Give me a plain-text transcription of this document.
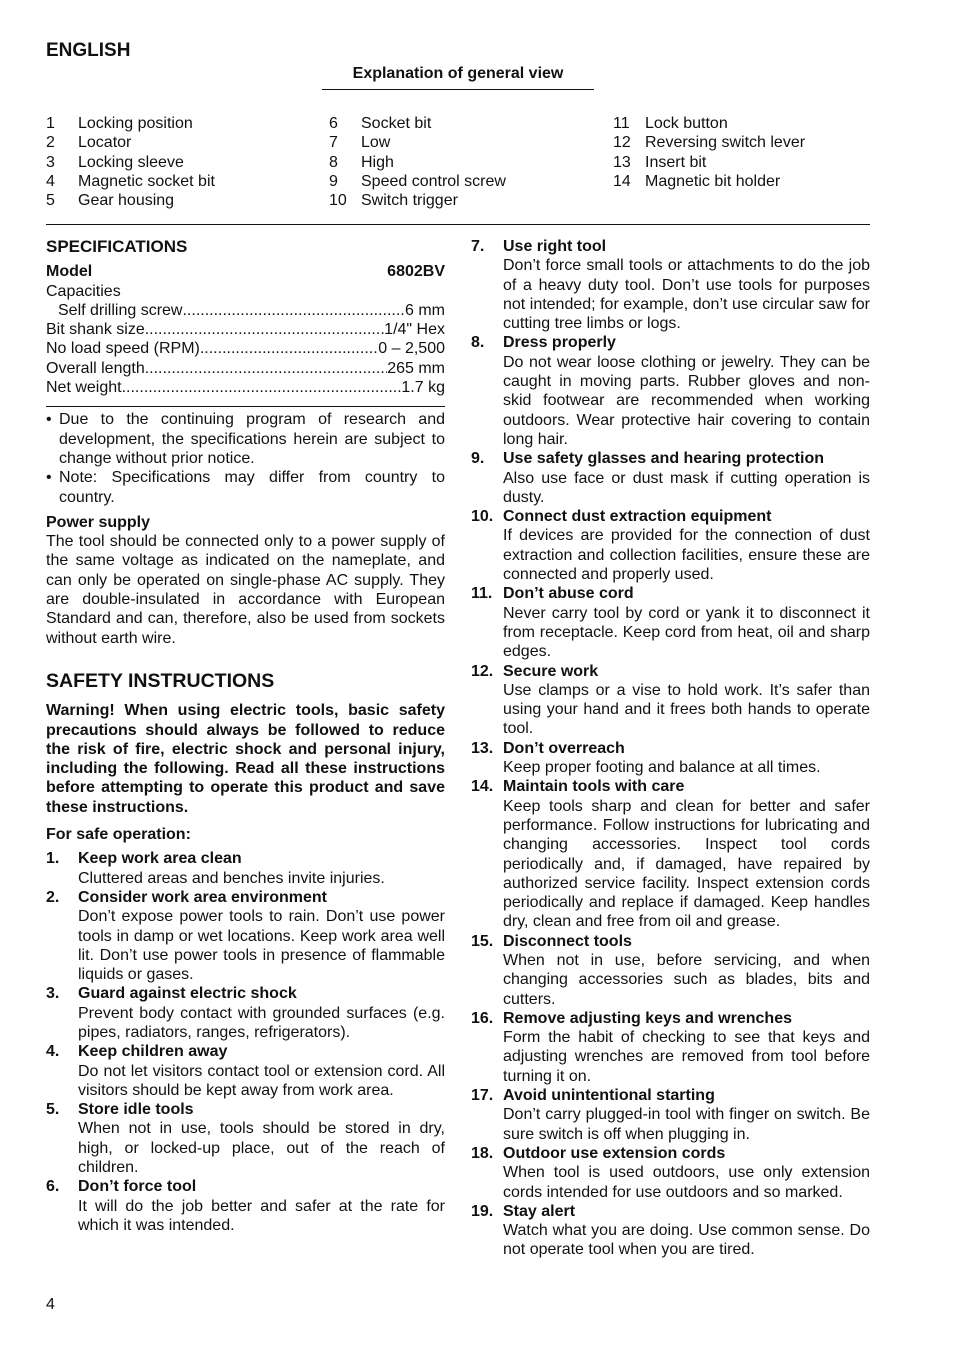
ENGLISH
Explanation of general view
1	Locking position
2	Locator
3	Locking sleeve
4	Magnetic socket bit
5	Gear housing
6	Socket bit
7	Low
8	High
9	Speed control screw
10 Switch trigger
11 Lock button
12 Reversing switch lever
13 Insert bit
14 Magnetic bit holder
SPECIFICATIONS
Model	6802BV
Capacities
Self drilling screw .....	6 mm
Bit shank size .....	1/4" Hex
No load speed (RPM) .....	0 – 2,500
Overall length .....	265 mm
Net weight .....	1.7 kg
• Due to the continuing program of research and development, the specifications herein are subject to change without prior notice.
• Note: Specifications may differ from country to country.
Power supply
The tool should be connected only to a power supply of the same voltage as indicated on the nameplate, and can only be operated on single-phase AC supply. They are double-insulated in accordance with European Standard and can, therefore, also be used from sockets without earth wire.
SAFETY INSTRUCTIONS
Warning! When using electric tools, basic safety precautions should always be followed to reduce the risk of fire, electric shock and personal injury, including the following. Read all these instructions before attempting to operate this product and save these instructions.
For safe operation:
1.	Keep work area clean
Cluttered areas and benches invite injuries.
2.	Consider work area environment
Don’t expose power tools to rain. Don’t use power tools in damp or wet locations. Keep work area well lit. Don’t use power tools in presence of flammable liquids or gases.
3.	Guard against electric shock
Prevent body contact with grounded surfaces (e.g. pipes, radiators, ranges, refrigerators).
4.	Keep children away
Do not let visitors contact tool or extension cord. All visitors should be kept away from work area.
5.	Store idle tools
When not in use, tools should be stored in dry, high, or locked-up place, out of the reach of children.
6.	Don’t force tool
It will do the job better and safer at the rate for which it was intended.
7.	Use right tool
Don’t force small tools or attachments to do the job of a heavy duty tool. Don’t use tools for purposes not intended; for example, don’t use circular saw for cutting tree limbs or logs.
8.	Dress properly
Do not wear loose clothing or jewelry. They can be caught in moving parts. Rubber gloves and non-skid footwear are recommended when working outdoors. Wear protective hair covering to contain long hair.
9.	Use safety glasses and hearing protection
Also use face or dust mask if cutting operation is dusty.
10. Connect dust extraction equipment
If devices are provided for the connection of dust extraction and collection facilities, ensure these are connected and properly used.
11. Don’t abuse cord
Never carry tool by cord or yank it to disconnect it from receptacle. Keep cord from heat, oil and sharp edges.
12. Secure work
Use clamps or a vise to hold work. It’s safer than using your hand and it frees both hands to operate tool.
13. Don’t overreach
Keep proper footing and balance at all times.
14. Maintain tools with care
Keep tools sharp and clean for better and safer performance. Follow instructions for lubricating and changing accessories. Inspect tool cords periodically and, if damaged, have repaired by authorized service facility. Inspect extension cords periodically and replace if damaged. Keep handles dry, clean and free from oil and grease.
15. Disconnect tools
When not in use, before servicing, and when changing accessories such as blades, bits and cutters.
16. Remove adjusting keys and wrenches
Form the habit of checking to see that keys and adjusting wrenches are removed from tool before turning it on.
17. Avoid unintentional starting
Don’t carry plugged-in tool with finger on switch. Be sure switch is off when plugging in.
18. Outdoor use extension cords
When tool is used outdoors, use only extension cords intended for use outdoors and so marked.
19. Stay alert
Watch what you are doing. Use common sense. Do not operate tool when you are tired.
4
